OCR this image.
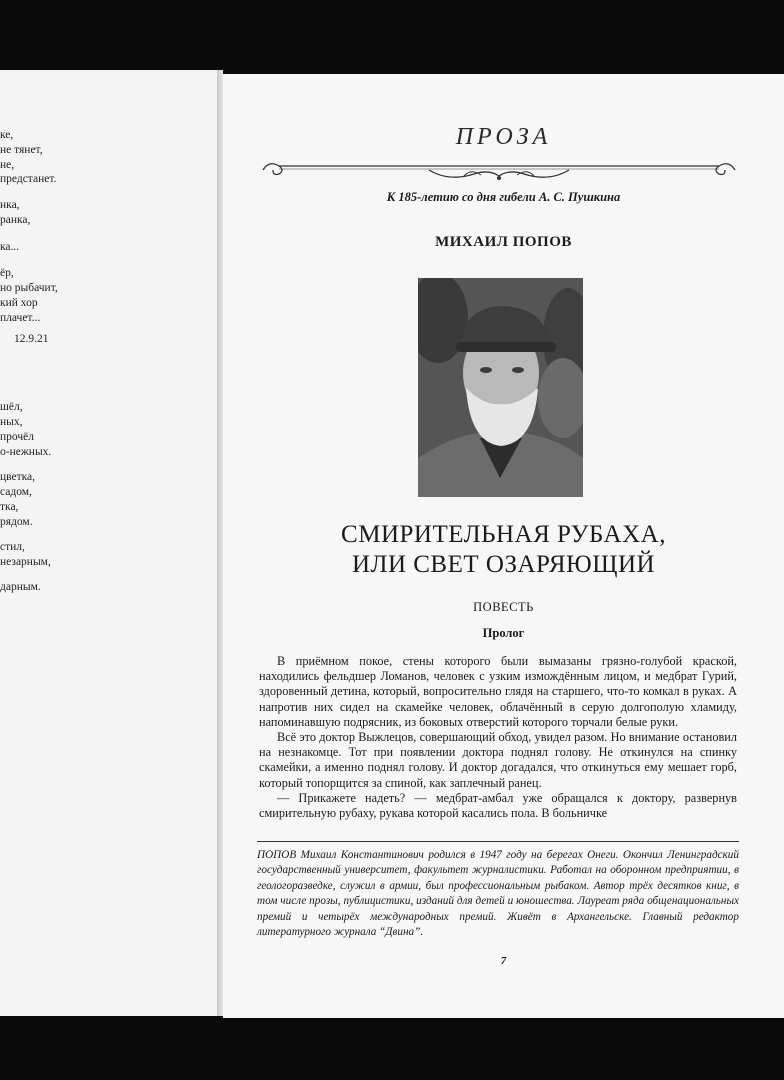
ке,
не тянет,
не,
предстанет.
нка,
ранка,
ка...
ёр,
но рыбачит,
кий хор
плачет...
12.9.21
шёл,
ных,
прочёл
о-нежных.
цветка,
садом,
тка,
рядом.
стил,
незарным,
дарным.
ПРОЗА
К 185-летию со дня гибели А. С. Пушкина
МИХАИЛ ПОПОВ
СМИРИТЕЛЬНАЯ РУБАХА,
ИЛИ СВЕТ ОЗАРЯЮЩИЙ
ПОВЕСТЬ
Пролог

В приёмном покое, стены которого были вымазаны грязно-голубой краской, находились фельдшер Ломанов, человек с узким измождённым лицом, и медбрат Гурий, здоровенный детина, который, вопросительно глядя на старшего, что-то комкал в руках. А напротив них сидел на скамейке человек, облачённый в серую долгополую хламиду, напоминавшую подрясник, из боковых отверстий которого торчали белые руки.

Всё это доктор Выжлецов, совершающий обход, увидел разом. Но внимание остановил на незнакомце. Тот при появлении доктора поднял голову. Не откинулся на спинку скамейки, а именно поднял голову. И доктор догадался, что откинуться ему мешает горб, который топорщится за спиной, как заплечный ранец.

— Прикажете надеть? — медбрат-амбал уже обращался к доктору, развернув смирительную рубаху, рукава которой касались пола. В больничке

ПОПОВ Михаил Константинович родился в 1947 году на берегах Онеги. Окончил Ленинградский государственный университет, факультет журналистики. Работал на оборонном предприятии, в геологоразведке, служил в армии, был профессиональным рыбаком. Автор трёх десятков книг, в том числе прозы, публицистики, изданий для детей и юношества. Лауреат ряда общенациональных премий и четырёх международных премий. Живёт в Архангельске. Главный редактор литературного журнала “Двина”.
7
